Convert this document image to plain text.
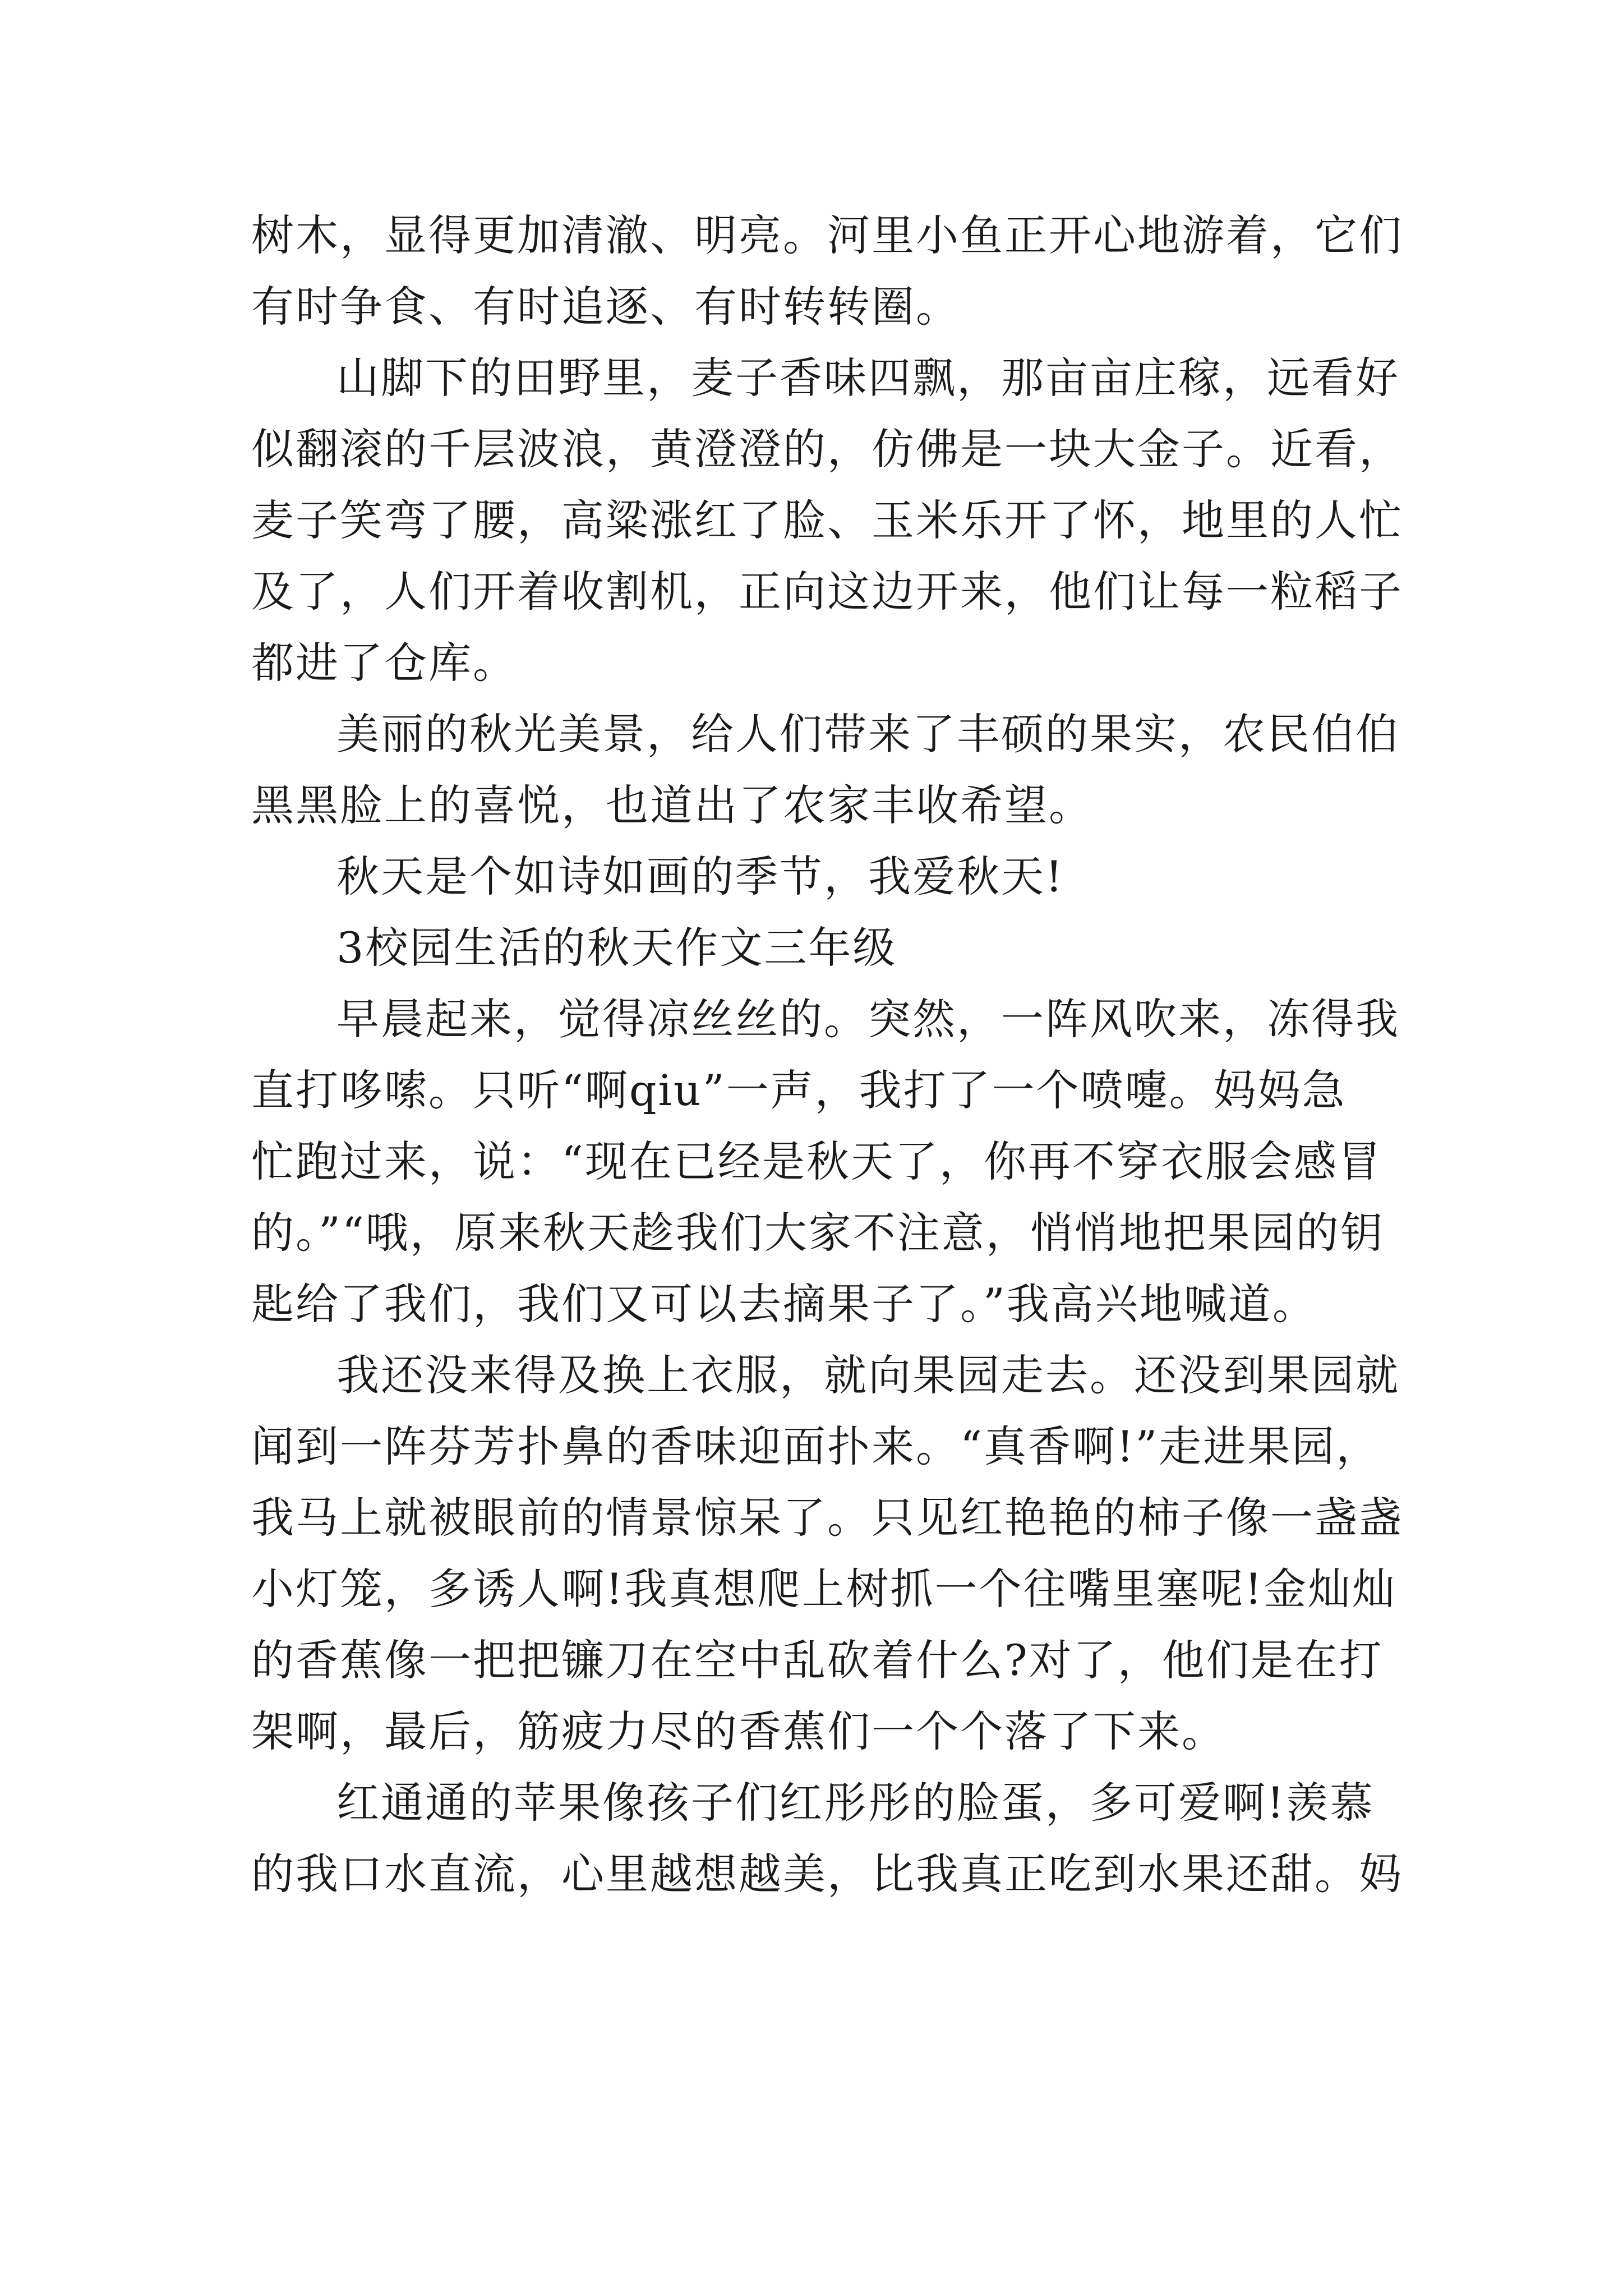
树木，显得更加清澈、明亮。河里小鱼正开心地游着，它们
有时争食、有时追逐、有时转转圈。
山脚下的田野里，麦子香味四飘，那亩亩庄稼，远看好
似翻滚的千层波浪，黄澄澄的，仿佛是一块大金子。近看，
麦子笑弯了腰，高粱涨红了脸、玉米乐开了怀，地里的人忙
及了，人们开着收割机，正向这边开来，他们让每一粒稻子
都进了仓库。
美丽的秋光美景，给人们带来了丰硕的果实，农民伯伯
黑黑脸上的喜悦，也道出了农家丰收希望。
秋天是个如诗如画的季节，我爱秋天!
3校园生活的秋天作文三年级
早晨起来，觉得凉丝丝的。突然，一阵风吹来，冻得我
直打哆嗦。只听“啊qiu”一声，我打了一个喷嚏。妈妈急
忙跑过来，说：“现在已经是秋天了，你再不穿衣服会感冒
的。”“哦，原来秋天趁我们大家不注意，悄悄地把果园的钥
匙给了我们，我们又可以去摘果子了。”我高兴地喊道。
我还没来得及换上衣服，就向果园走去。还没到果园就
闻到一阵芬芳扑鼻的香味迎面扑来。“真香啊!”走进果园，
我马上就被眼前的情景惊呆了。只见红艳艳的柿子像一盏盏
小灯笼，多诱人啊!我真想爬上树抓一个往嘴里塞呢!金灿灿
的香蕉像一把把镰刀在空中乱砍着什么?对了，他们是在打
架啊，最后，筋疲力尽的香蕉们一个个落了下来。
红通通的苹果像孩子们红彤彤的脸蛋，多可爱啊!羡慕
的我口水直流，心里越想越美，比我真正吃到水果还甜。妈
